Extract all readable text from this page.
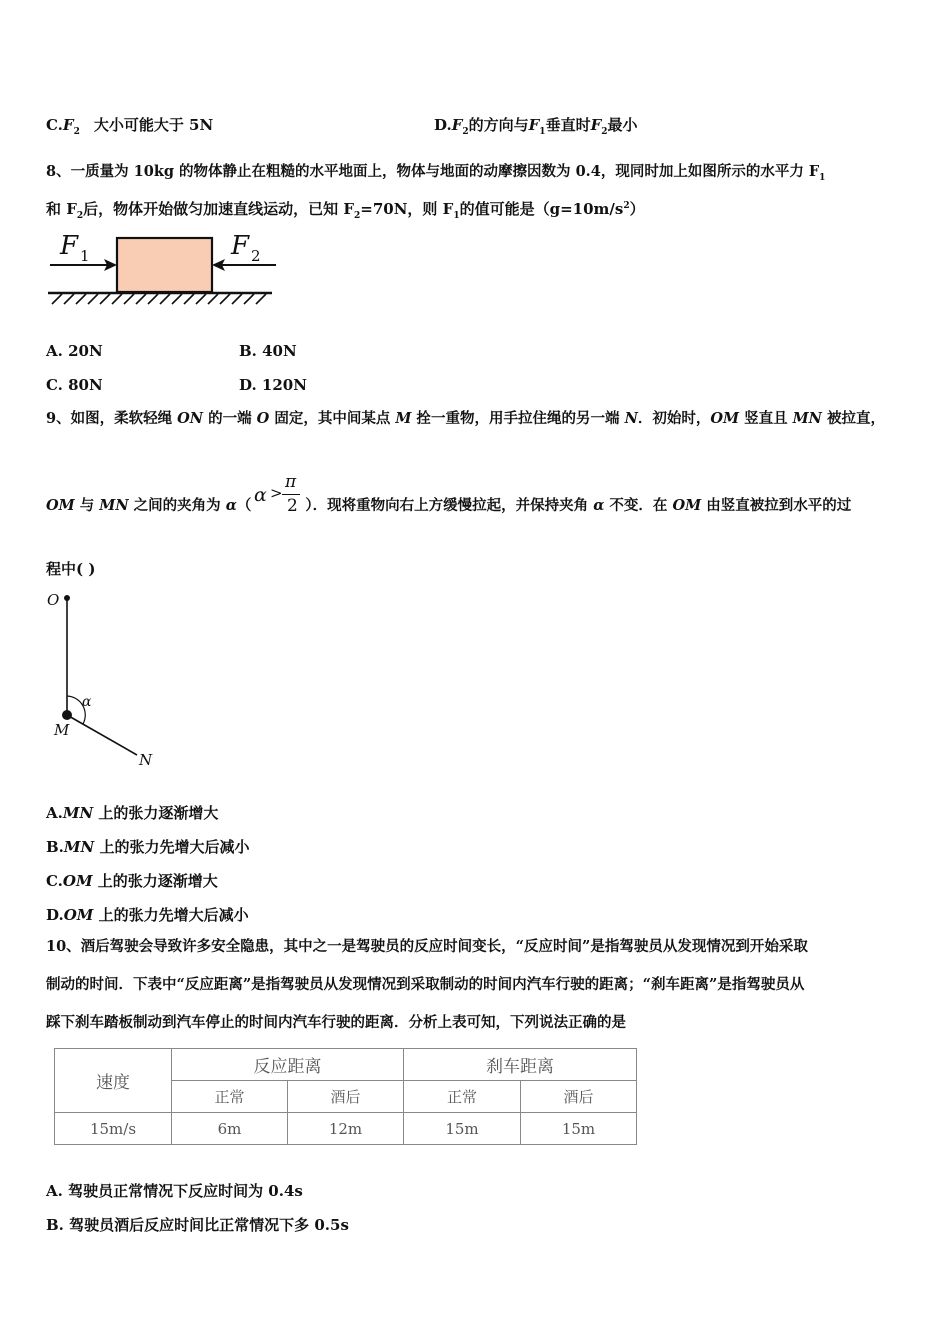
$C.F_2$ 大小可能大于 5N	$D.F_2$的方向与$F_1$垂直时$F_2$最小
8、一质量为 10kg 的物体静止在粗糙的水平地面上，物体与地面的动摩擦因数为 0.4，现同时加上如图所示的水平力 $F_1$
和 $F_2$后，物体开始做匀加速直线运动，已知 $F_2=70N$，则 $F_1$的值可能是$(g=10m/s^2)$
F 1	F 2
A. 20N	B. 40N
C. 80N	D. 120N
9、如图，柔软轻绳 ON 的一端 O 固定，其中间某点 M 拴一重物，用手拉住绳的另一端 N．初始时，OM 竖直且 MN 被拉直，
OM 与 MN 之间的夹角为 α（	）．现将重物向右上方缓慢拉起，并保持夹角 α 不变．在 OM 由竖直被拉到水平的过
α >
π
2
程中( )
O
α
M
N
A.MN 上的张力逐渐增大
B.MN 上的张力先增大后减小
C.OM 上的张力逐渐增大
D.OM 上的张力先增大后减小
10、酒后驾驶会导致许多安全隐患，其中之一是驾驶员的反应时间变长，“反应时间”是指驾驶员从发现情况到开始采取
制动的时间．下表中“反应距离”是指驾驶员从发现情况到采取制动的时间内汽车行驶的距离；“刹车距离”是指驾驶员从
踩下刹车踏板制动到汽车停止的时间内汽车行驶的距离．分析上表可知，下列说法正确的是
速度	反应距离		刹车距离	
	正常	酒后	正常	酒后
15m/s	6m	12m	15m	15m
A. 驾驶员正常情况下反应时间为 0.4s
B. 驾驶员酒后反应时间比正常情况下多 0.5s
